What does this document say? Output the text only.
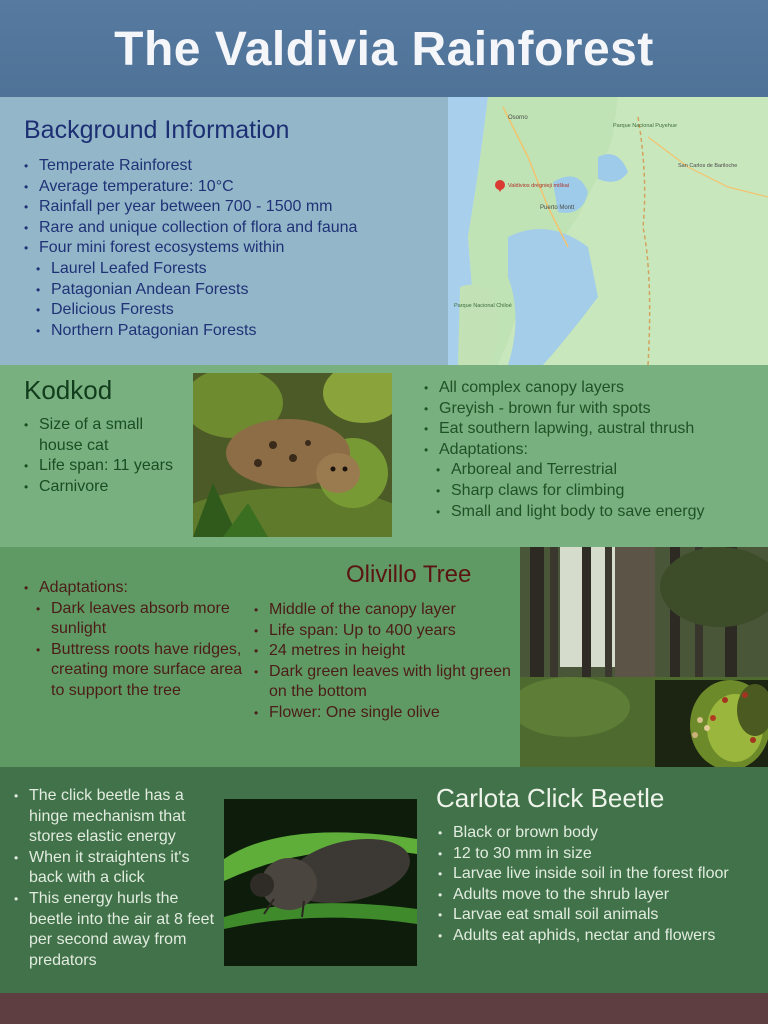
The Valdivia Rainforest
Background Information
• Temperate Rainforest
• Average temperature: 10°C
• Rainfall per year between 700 - 1500 mm
• Rare and unique collection of flora and fauna
• Four mini forest ecosystems within
• Laurel Leafed Forests
• Patagonian Andean Forests
• Delicious Forests
• Northern Patagonian Forests
Valdivios drėgnieji miškai
Osorno
Puerto Montt
San Carlos de Bariloche
Parque Nacional Puyehue
Parque Nacional Chiloé
Kodkod
• Size of a small house cat
• Life span: 11 years
• Carnivore
• All complex canopy layers
• Greyish - brown fur with spots
• Eat southern lapwing, austral thrush
• Adaptations:
• Arboreal and Terrestrial
• Sharp claws for climbing
• Small and light body to save energy
Olivillo Tree
• Adaptations:
• Dark leaves absorb more sunlight
• Buttress roots have ridges, creating more surface area to support the tree
• Middle of the canopy layer
• Life span: Up to 400 years
• 24 metres in height
• Dark green leaves with light green on the bottom
• Flower: One single olive
• The click beetle has a hinge mechanism that stores elastic energy
• When it straightens it's back with a click
• This energy hurls the beetle into the air at 8 feet per second away from predators
Carlota Click Beetle
• Black or brown body
• 12 to 30 mm in size
• Larvae live inside soil in the forest floor
• Adults move to the shrub layer
• Larvae eat small soil animals
• Adults eat aphids, nectar and flowers
